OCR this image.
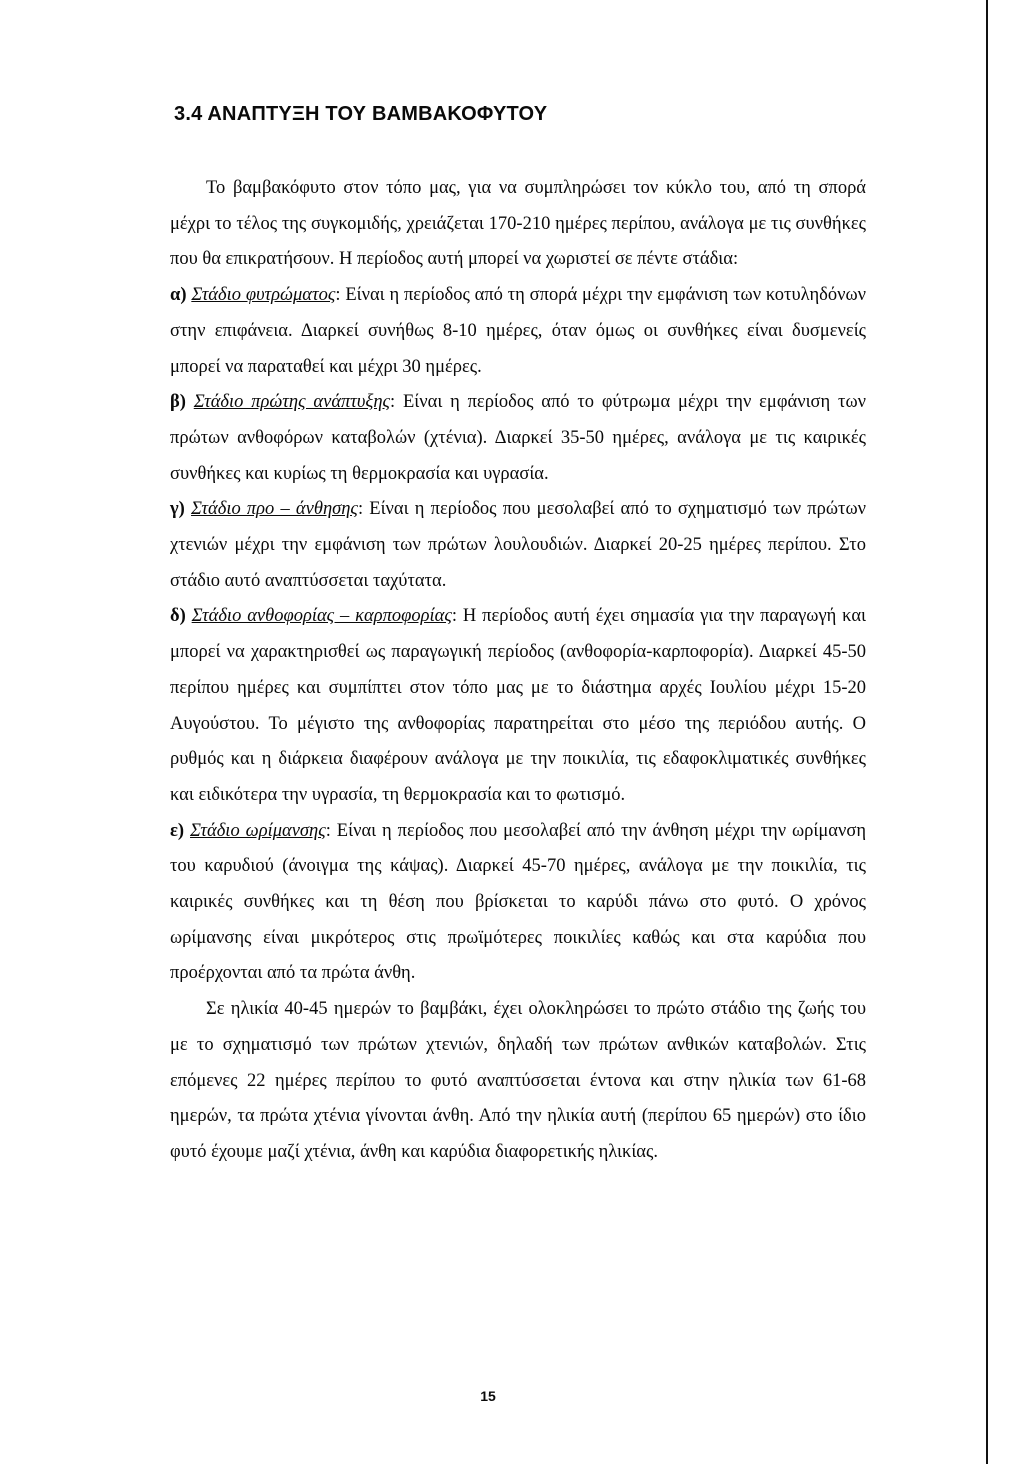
3.4 ΑΝΑΠΤΥΞΗ ΤΟΥ ΒΑΜΒΑΚΟΦΥΤΟΥ

Το βαμβακόφυτο στον τόπο μας, για να συμπληρώσει τον κύκλο του, από τη σπορά μέχρι το τέλος της συγκομιδής, χρειάζεται 170-210 ημέρες περίπου, ανάλογα με τις συνθήκες που θα επικρατήσουν. Η περίοδος αυτή μπορεί να χωριστεί σε πέντε στάδια:

α) Στάδιο φυτρώματος: Είναι η περίοδος από τη σπορά μέχρι την εμφάνιση των κοτυληδόνων στην επιφάνεια. Διαρκεί συνήθως 8-10 ημέρες, όταν όμως οι συνθήκες είναι δυσμενείς μπορεί να παραταθεί και μέχρι 30 ημέρες.

β) Στάδιο πρώτης ανάπτυξης: Είναι η περίοδος από το φύτρωμα μέχρι την εμφάνιση των πρώτων ανθοφόρων καταβολών (χτένια). Διαρκεί 35-50 ημέρες, ανάλογα με τις καιρικές συνθήκες και κυρίως τη θερμοκρασία και υγρασία.

γ) Στάδιο προ – άνθησης: Είναι η περίοδος που μεσολαβεί από το σχηματισμό των πρώτων χτενιών μέχρι την εμφάνιση των πρώτων λουλουδιών. Διαρκεί 20-25 ημέρες περίπου. Στο στάδιο αυτό αναπτύσσεται ταχύτατα.

δ) Στάδιο ανθοφορίας – καρποφορίας: Η περίοδος αυτή έχει σημασία για την παραγωγή και μπορεί να χαρακτηρισθεί ως παραγωγική περίοδος (ανθοφορία-καρποφορία). Διαρκεί 45-50 περίπου ημέρες και συμπίπτει στον τόπο μας με το διάστημα αρχές Ιουλίου μέχρι 15-20 Αυγούστου. Το μέγιστο της ανθοφορίας παρατηρείται στο μέσο της περιόδου αυτής. Ο ρυθμός και η διάρκεια διαφέρουν ανάλογα με την ποικιλία, τις εδαφοκλιματικές συνθήκες και ειδικότερα την υγρασία, τη θερμοκρασία και το φωτισμό.

ε) Στάδιο ωρίμανσης: Είναι η περίοδος που μεσολαβεί από την άνθηση μέχρι την ωρίμανση του καρυδιού (άνοιγμα της κάψας). Διαρκεί 45-70 ημέρες, ανάλογα με την ποικιλία, τις καιρικές συνθήκες και τη θέση που βρίσκεται το καρύδι πάνω στο φυτό. Ο χρόνος ωρίμανσης είναι μικρότερος στις πρωϊμότερες ποικιλίες καθώς και στα καρύδια που προέρχονται από τα πρώτα άνθη.

Σε ηλικία 40-45 ημερών το βαμβάκι, έχει ολοκληρώσει το πρώτο στάδιο της ζωής του με το σχηματισμό των πρώτων χτενιών, δηλαδή των πρώτων ανθικών καταβολών. Στις επόμενες 22 ημέρες περίπου το φυτό αναπτύσσεται έντονα και στην ηλικία των 61-68 ημερών, τα πρώτα χτένια γίνονται άνθη. Από την ηλικία αυτή (περίπου 65 ημερών) στο ίδιο φυτό έχουμε μαζί χτένια, άνθη και καρύδια διαφορετικής ηλικίας.

15
